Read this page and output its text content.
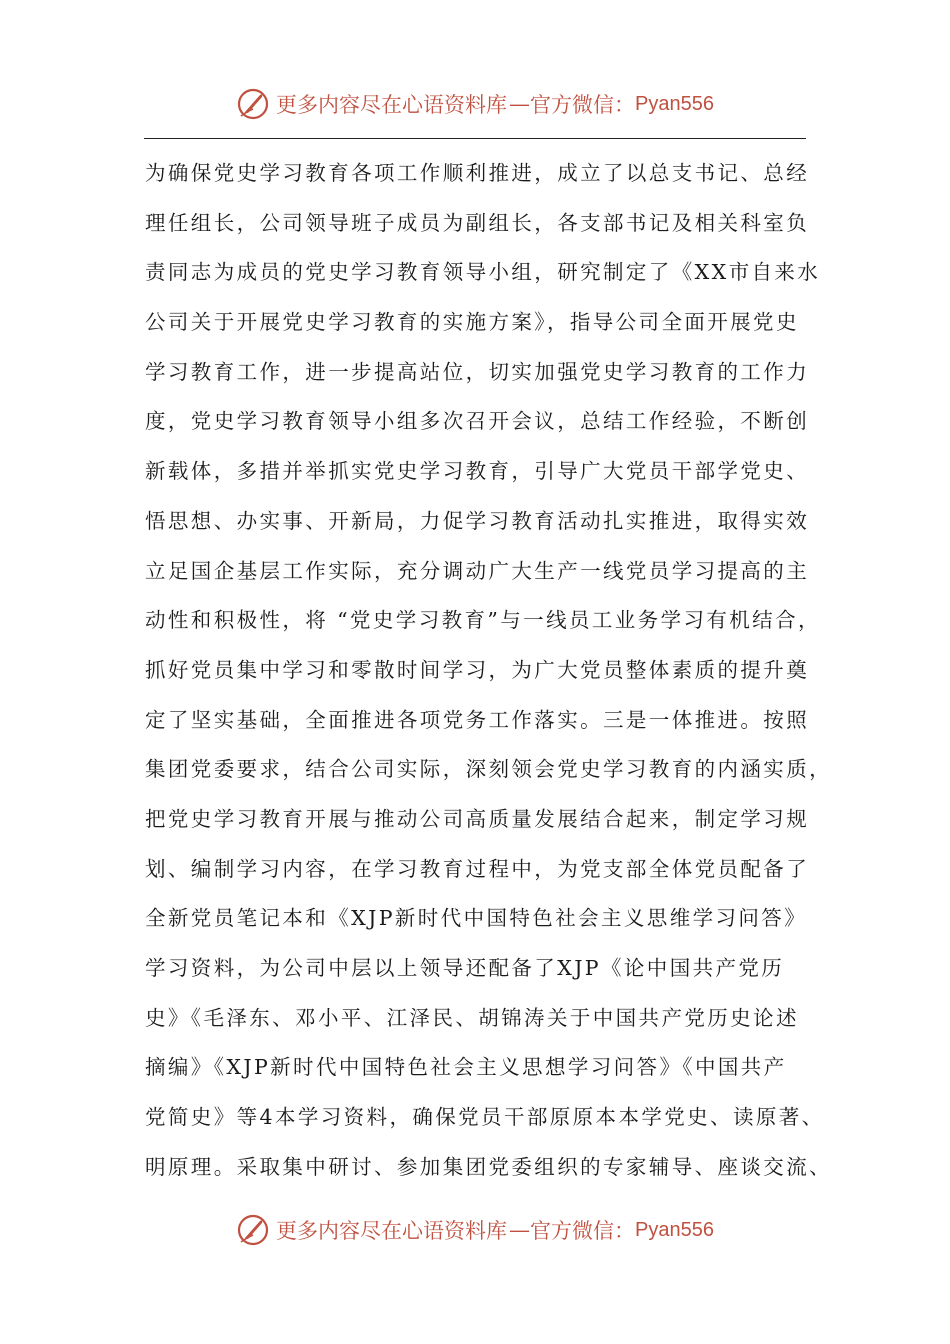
更多内容尽在心语资料库 — 官方微信： Pyan556
为确保党史学习教育各项工作顺利推进，成立了以总支书记、总经
理任组长，公司领导班子成员为副组长，各支部书记及相关科室负
责同志为成员的党史学习教育领导小组，研究制定了《XX市自来水
公司关于开展党史学习教育的实施方案》，指导公司全面开展党史
学习教育工作，进一步提高站位，切实加强党史学习教育的工作力
度，党史学习教育领导小组多次召开会议，总结工作经验，不断创
新载体，多措并举抓实党史学习教育，引导广大党员干部学党史、
悟思想、办实事、开新局，力促学习教育活动扎实推进，取得实效
立足国企基层工作实际，充分调动广大生产一线党员学习提高的主
动性和积极性，将 “党史学习教育”与一线员工业务学习有机结合，
抓好党员集中学习和零散时间学习，为广大党员整体素质的提升奠
定了坚实基础，全面推进各项党务工作落实。三是一体推进。按照
集团党委要求，结合公司实际，深刻领会党史学习教育的内涵实质，
把党史学习教育开展与推动公司高质量发展结合起来，制定学习规
划、编制学习内容，在学习教育过程中，为党支部全体党员配备了
全新党员笔记本和《XJP新时代中国特色社会主义思维学习问答》
学习资料，为公司中层以上领导还配备了XJP《论中国共产党历
史》《毛泽东、邓小平、江泽民、胡锦涛关于中国共产党历史论述
摘编》《XJP新时代中国特色社会主义思想学习问答》《中国共产
党简史》等4本学习资料，确保党员干部原原本本学党史、读原著、
明原理。采取集中研讨、参加集团党委组织的专家辅导、座谈交流、
更多内容尽在心语资料库 — 官方微信： Pyan556
